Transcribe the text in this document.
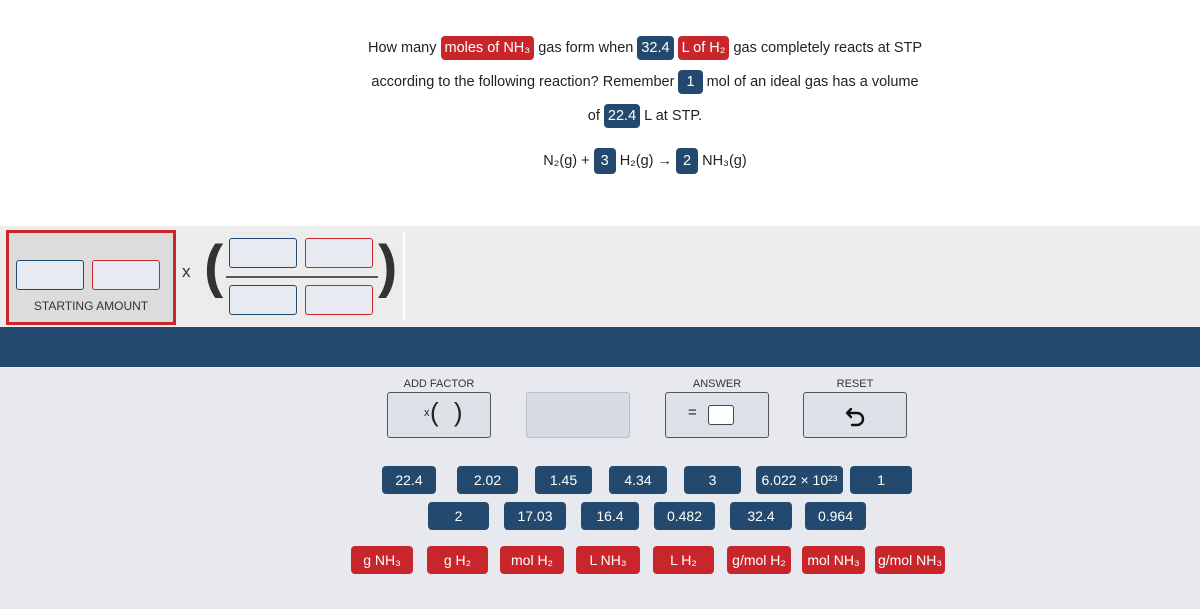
How many moles of NH₃ gas form when 32.4 L of H₂ gas completely reacts at STP
according to the following reaction? Remember 1 mol of an ideal gas has a volume
of 22.4 L at STP.
N₂(g) + 3 H₂(g) → 2 NH₃(g)
STARTING AMOUNT
x (	)
ADD FACTOR
x ( )
ANSWER
=
RESET
22.4	2.02	1.45	4.34	3	6.022 × 10²³	1
2	17.03	16.4	0.482	32.4	0.964
g NH₃	g H₂	mol H₂	L NH₃	L H₂	g/mol H₂	mol NH₃	g/mol NH₃
